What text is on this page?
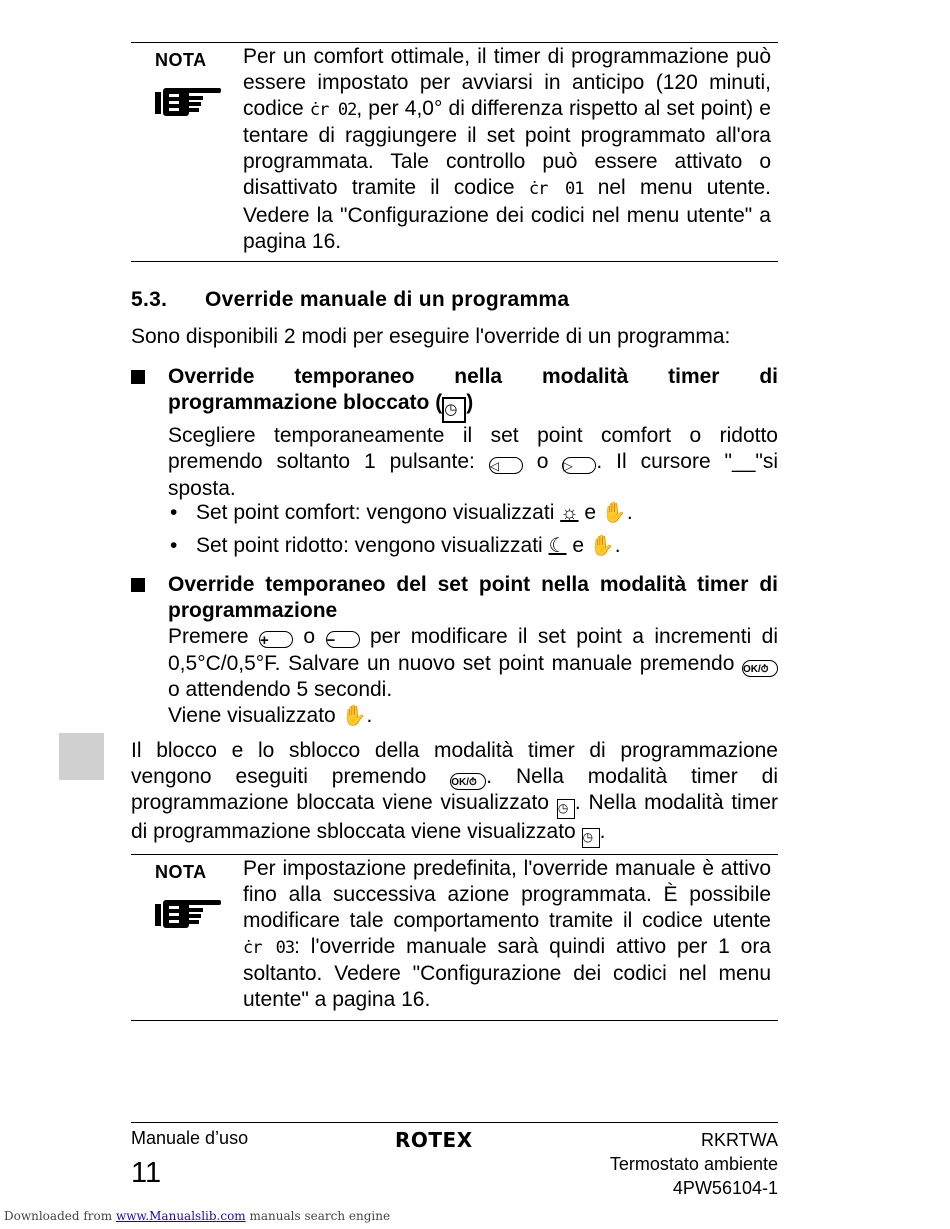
NOTA Per un comfort ottimale, il timer di programmazione può essere impostato per avviarsi in anticipo (120 minuti, codice ċr 02, per 4,0° di differenza rispetto al set point) e tentare di raggiungere il set point programmato all'ora programmata. Tale controllo può essere attivato o disattivato tramite il codice ċr 01 nel menu utente. Vedere la "Configurazione dei codici nel menu utente" a pagina 16.
5.3. Override manuale di un programma
Sono disponibili 2 modi per eseguire l'override di un programma:
Override temporaneo nella modalità timer di programmazione bloccato ( ◷ )
Scegliere temporaneamente il set point comfort o ridotto premendo soltanto 1 pulsante: ◁ o ▷ . Il cursore "__"si sposta.
• Set point comfort: vengono visualizzati ☼ e ✋.
• Set point ridotto: vengono visualizzati ☾ e ✋.
Override temporaneo del set point nella modalità timer di programmazione
Premere + o − per modificare il set point a incrementi di 0,5°C/0,5°F. Salvare un nuovo set point manuale premendo OK/⏱ o attendendo 5 secondi.
Viene visualizzato ✋.
Il blocco e lo sblocco della modalità timer di programmazione vengono eseguiti premendo OK/⏱ . Nella modalità timer di programmazione bloccata viene visualizzato ◷ . Nella modalità timer di programmazione sbloccata viene visualizzato ◷ .
NOTA Per impostazione predefinita, l'override manuale è attivo fino alla successiva azione programmata. È possibile modificare tale comportamento tramite il codice utente ċr 03: l'override manuale sarà quindi attivo per 1 ora soltanto. Vedere "Configurazione dei codici nel menu utente" a pagina 16.
Manuale d’uso
11
ROTEX	RKRTWA
Termostato ambiente
4PW56104-1
Downloaded from www.Manualslib.com manuals search engine
